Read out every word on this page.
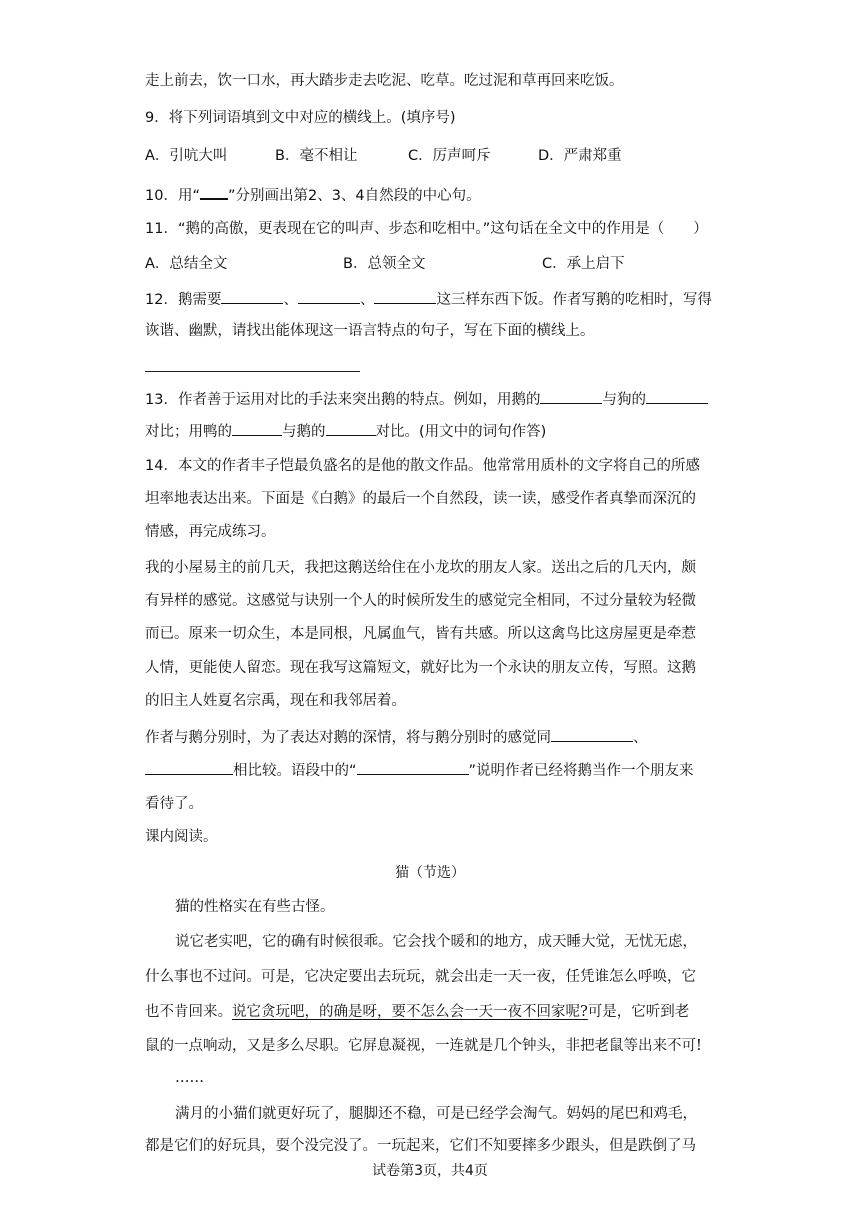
走上前去，饮一口水，再大踏步走去吃泥、吃草。吃过泥和草再回来吃饭。
9．将下列词语填到文中对应的横线上。(填序号)
A．引吭大叫	B．毫不相让	C．厉声呵斥	D．严肃郑重
10．用“ ”分别画出第2、3、4自然段的中心句。
11．“鹅的高傲，更表现在它的叫声、步态和吃相中。”这句话在全文中的作用是（　　）
A．总结全文	B．总领全文	C．承上启下
12．鹅需要	、	、	这三样东西下饭。作者写鹅的吃相时，写得
诙谐、幽默，请找出能体现这一语言特点的句子，写在下面的横线上。
13．作者善于运用对比的手法来突出鹅的特点。例如，用鹅的	与狗的
对比；用鸭的	与鹅的	对比。(用文中的词句作答)
14．本文的作者丰子恺最负盛名的是他的散文作品。他常常用质朴的文字将自己的所感
坦率地表达出来。下面是《白鹅》的最后一个自然段，读一读，感受作者真挚而深沉的
情感，再完成练习。
我的小屋易主的前几天，我把这鹅送给住在小龙坎的朋友人家。送出之后的几天内，颇
有异样的感觉。这感觉与诀别一个人的时候所发生的感觉完全相同，不过分量较为轻微
而已。原来一切众生，本是同根，凡属血气，皆有共感。所以这禽鸟比这房屋更是牵惹
人情，更能使人留恋。现在我写这篇短文，就好比为一个永诀的朋友立传，写照。这鹅
的旧主人姓夏名宗禹，现在和我邻居着。
作者与鹅分别时，为了表达对鹅的深情，将与鹅分别时的感觉同	、
相比较。语段中的“	”说明作者已经将鹅当作一个朋友来
看待了。
课内阅读。
猫（节选）
猫的性格实在有些古怪。
说它老实吧，它的确有时候很乖。它会找个暖和的地方，成天睡大觉，无忧无虑，
什么事也不过问。可是，它决定要出去玩玩，就会出走一天一夜，任凭谁怎么呼唤，它
也不肯回来。说它贪玩吧，的确是呀，要不怎么会一天一夜不回家呢?可是，它听到老
鼠的一点响动，又是多么尽职。它屏息凝视，一连就是几个钟头，非把老鼠等出来不可!
……
满月的小猫们就更好玩了，腿脚还不稳，可是已经学会淘气。妈妈的尾巴和鸡毛，
都是它们的好玩具，耍个没完没了。一玩起来，它们不知要摔多少跟头，但是跌倒了马
试卷第3页，共4页
